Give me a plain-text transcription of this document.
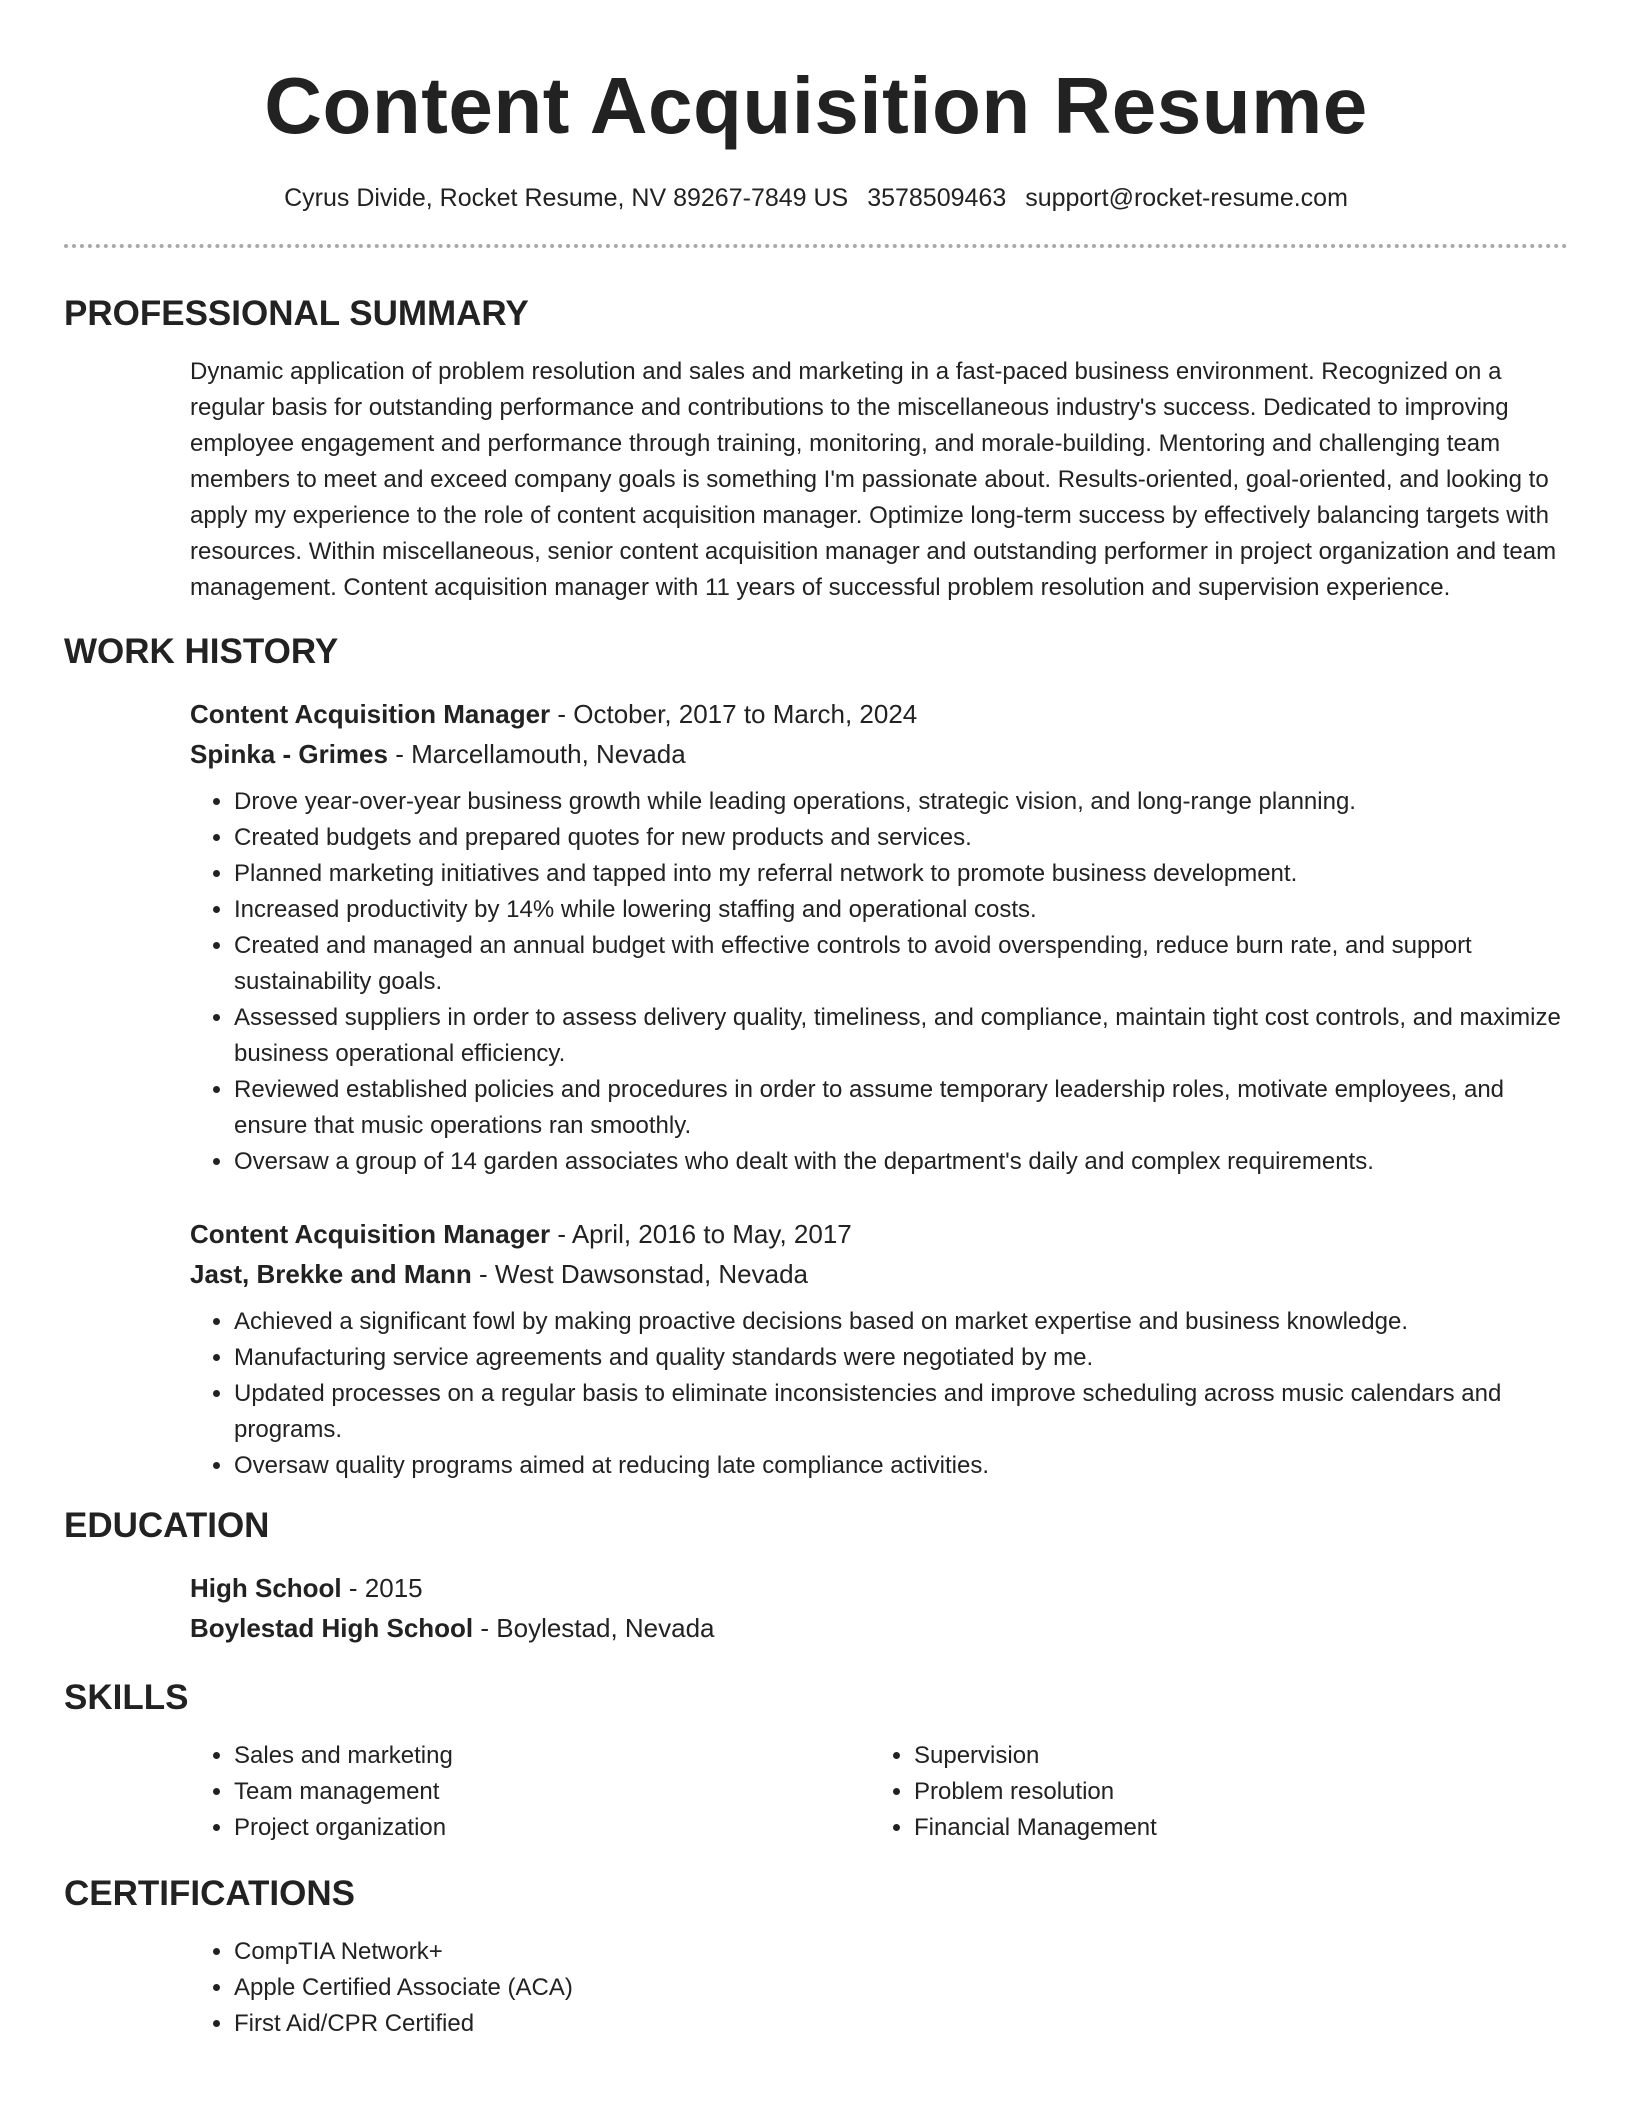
Content Acquisition Resume
Cyrus Divide, Rocket Resume, NV 89267-7849 US 3578509463 support@rocket-resume.com
PROFESSIONAL SUMMARY

Dynamic application of problem resolution and sales and marketing in a fast-paced business environment. Recognized on a regular basis for outstanding performance and contributions to the miscellaneous industry's success. Dedicated to improving employee engagement and performance through training, monitoring, and morale-building. Mentoring and challenging team members to meet and exceed company goals is something I'm passionate about. Results-oriented, goal-oriented, and looking to apply my experience to the role of content acquisition manager. Optimize long-term success by effectively balancing targets with resources. Within miscellaneous, senior content acquisition manager and outstanding performer in project organization and team management. Content acquisition manager with 11 years of successful problem resolution and supervision experience.

WORK HISTORY
Content Acquisition Manager - October, 2017 to March, 2024
Spinka - Grimes - Marcellamouth, Nevada
• Drove year-over-year business growth while leading operations, strategic vision, and long-range planning.
• Created budgets and prepared quotes for new products and services.
• Planned marketing initiatives and tapped into my referral network to promote business development.
• Increased productivity by 14% while lowering staffing and operational costs.
• Created and managed an annual budget with effective controls to avoid overspending, reduce burn rate, and support sustainability goals.
• Assessed suppliers in order to assess delivery quality, timeliness, and compliance, maintain tight cost controls, and maximize business operational efficiency.
• Reviewed established policies and procedures in order to assume temporary leadership roles, motivate employees, and ensure that music operations ran smoothly.
• Oversaw a group of 14 garden associates who dealt with the department's daily and complex requirements.
Content Acquisition Manager - April, 2016 to May, 2017
Jast, Brekke and Mann - West Dawsonstad, Nevada
• Achieved a significant fowl by making proactive decisions based on market expertise and business knowledge.
• Manufacturing service agreements and quality standards were negotiated by me.
• Updated processes on a regular basis to eliminate inconsistencies and improve scheduling across music calendars and programs.
• Oversaw quality programs aimed at reducing late compliance activities.
EDUCATION
High School - 2015
Boylestad High School - Boylestad, Nevada
SKILLS
• Sales and marketing
• Team management
• Project organization
• Supervision
• Problem resolution
• Financial Management
CERTIFICATIONS
• CompTIA Network+
• Apple Certified Associate (ACA)
• First Aid/CPR Certified
